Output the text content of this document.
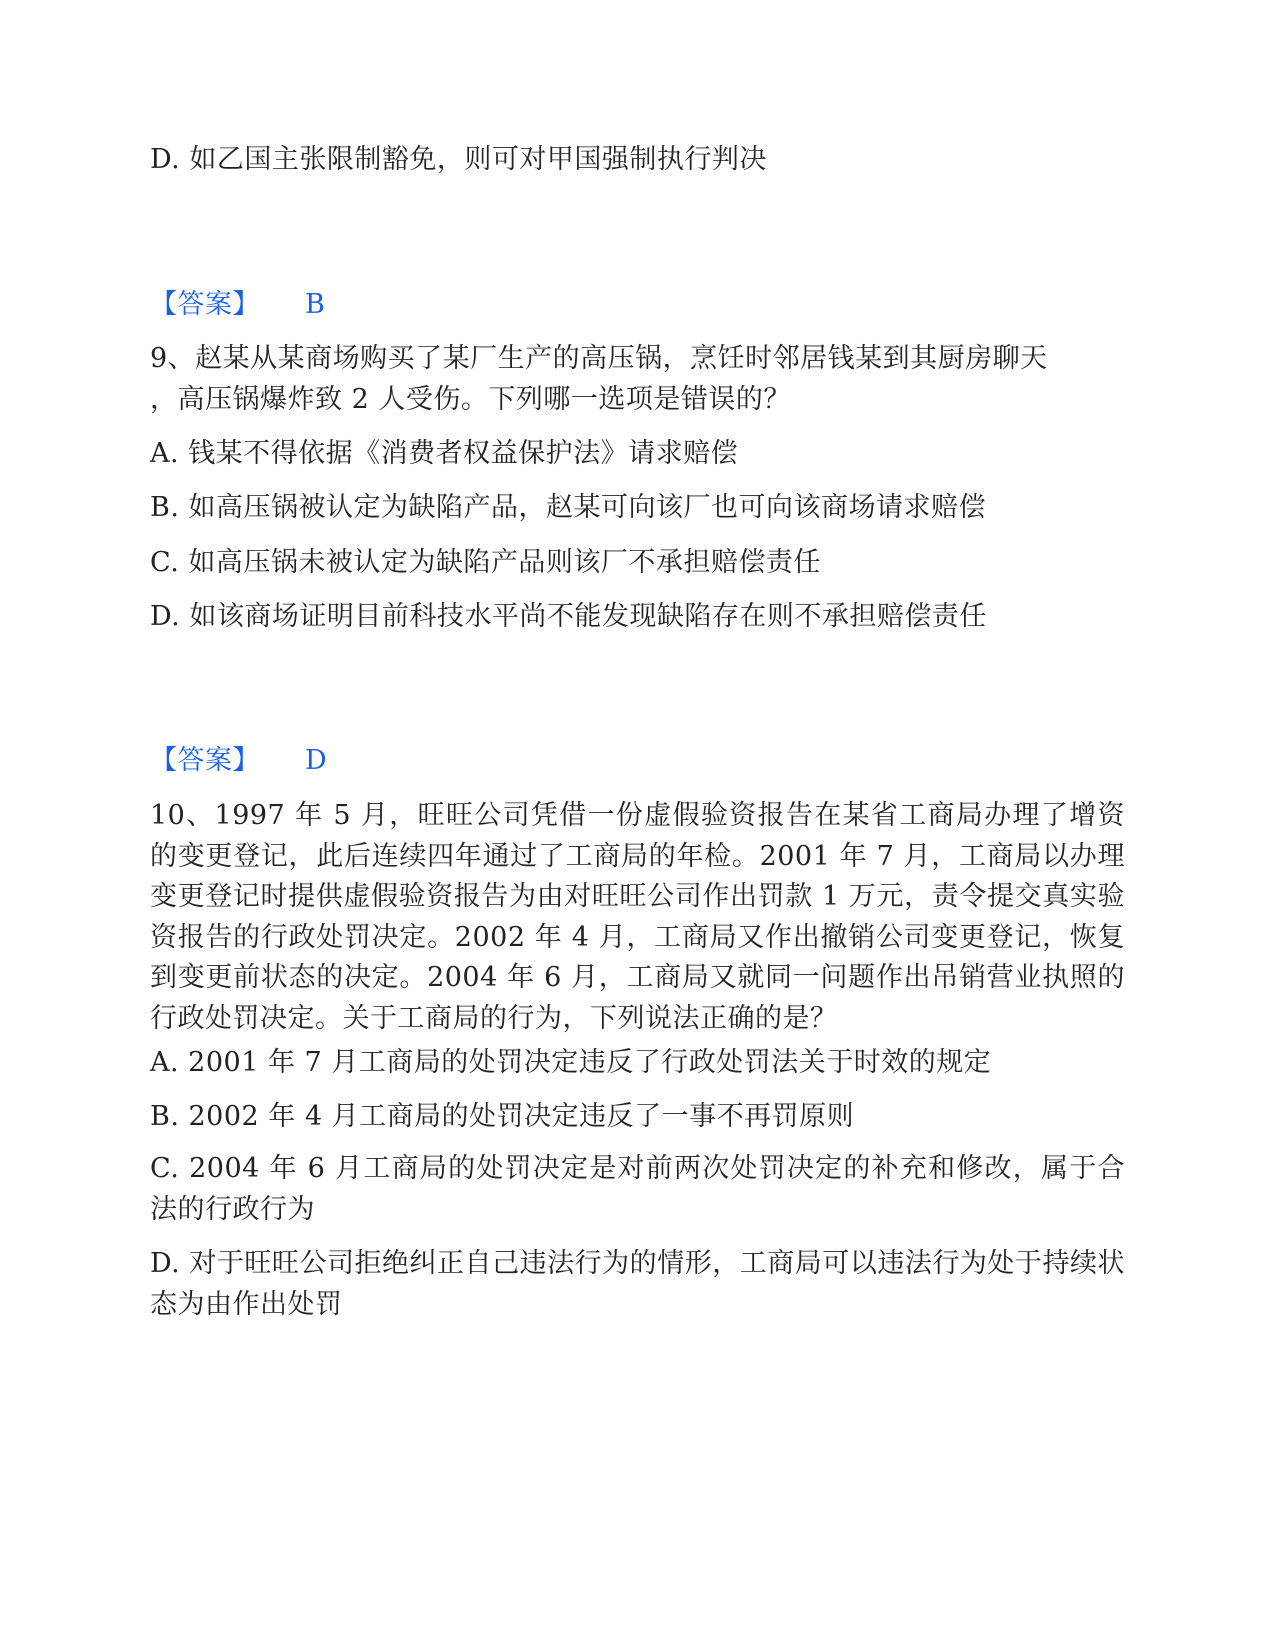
D. 如乙国主张限制豁免，则可对甲国强制执行判决
【答案】 B
9、赵某从某商场购买了某厂生产的高压锅，烹饪时邻居钱某到其厨房聊天
，高压锅爆炸致 2 人受伤。下列哪一选项是错误的？
A. 钱某不得依据《消费者权益保护法》请求赔偿
B. 如高压锅被认定为缺陷产品，赵某可向该厂也可向该商场请求赔偿
C. 如高压锅未被认定为缺陷产品则该厂不承担赔偿责任
D. 如该商场证明目前科技水平尚不能发现缺陷存在则不承担赔偿责任
【答案】 D
10、1997 年 5 月，旺旺公司凭借一份虚假验资报告在某省工商局办理了增资的变更登记，此后连续四年通过了工商局的年检。2001 年 7 月，工商局以办理变更登记时提供虚假验资报告为由对旺旺公司作出罚款 1 万元，责令提交真实验资报告的行政处罚决定。2002 年 4 月，工商局又作出撤销公司变更登记，恢复到变更前状态的决定。2004 年 6 月，工商局又就同一问题作出吊销营业执照的行政处罚决定。关于工商局的行为，下列说法正确的是？
A. 2001 年 7 月工商局的处罚决定违反了行政处罚法关于时效的规定
B. 2002 年 4 月工商局的处罚决定违反了一事不再罚原则
C. 2004 年 6 月工商局的处罚决定是对前两次处罚决定的补充和修改，属于合法的行政行为
D. 对于旺旺公司拒绝纠正自己违法行为的情形，工商局可以违法行为处于持续状态为由作出处罚
